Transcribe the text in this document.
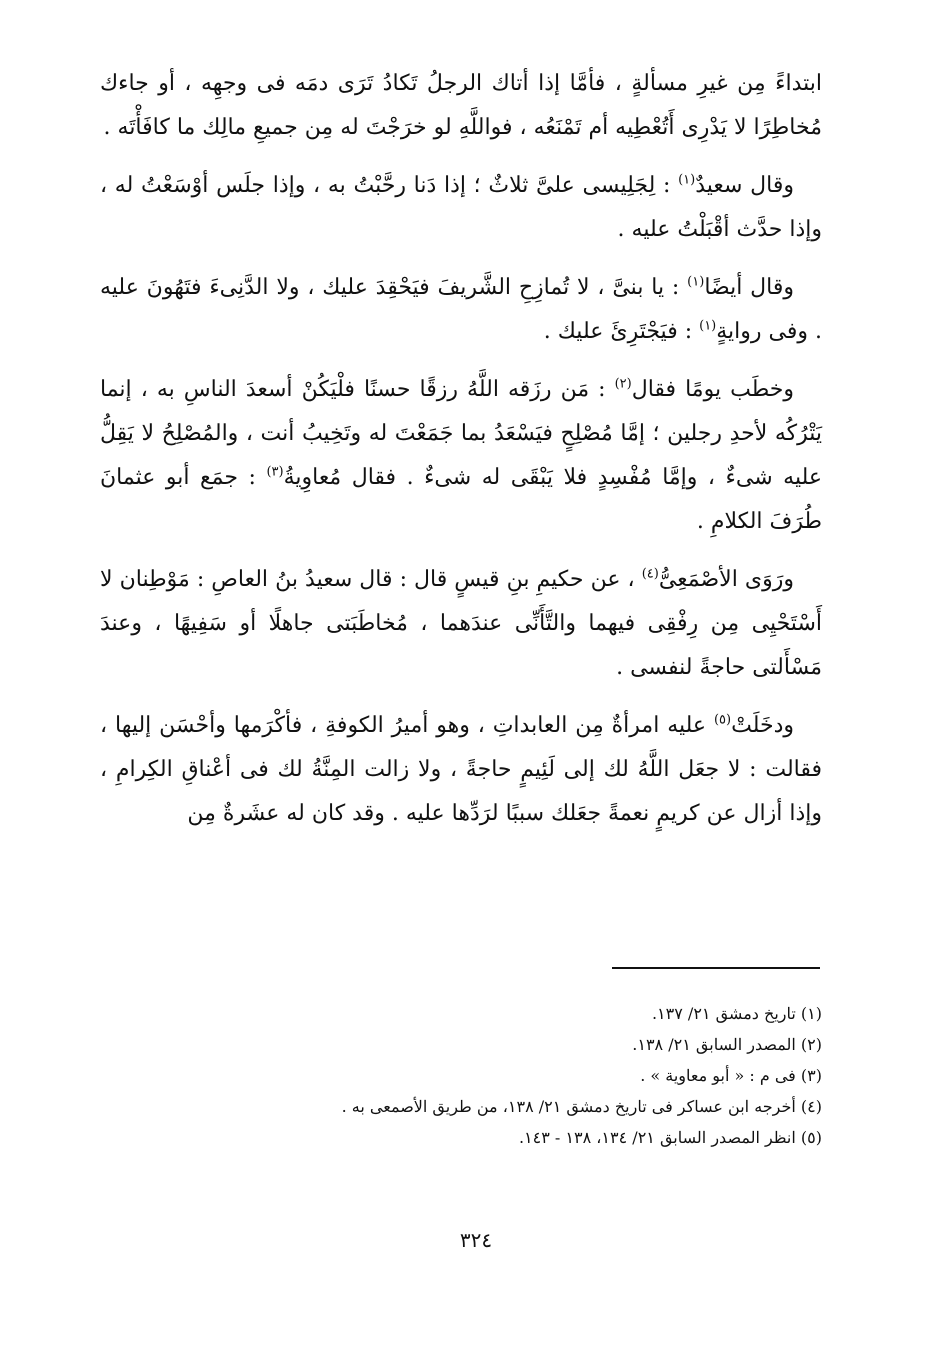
ابتداءً مِن غيرِ مسألةٍ ، فأمَّا إذا أتاك الرجلُ تَكادُ تَرَى دمَه فى وجهِه ، أو جاءك مُخاطِرًا لا يَدْرِى أَتُعْطِيه أم تَمْنَعُه ، فواللَّهِ لو خرَجْتَ له مِن جميعِ مالِك ما كافَأْتَه .

وقال سعيدٌ$^{(١)}$ : لِجَلِيسى علىَّ ثلاثٌ ؛ إذا دَنا رحَّبْتُ به ، وإذا جلَس أوْسَعْتُ له ، وإذا حدَّث أقْبَلْتُ عليه .

وقال أيضًا$^{(١)}$ : يا بنىَّ ، لا تُمازِحِ الشَّريفَ فيَحْقِدَ عليك ، ولا الدَّنِىءَ فتَهُونَ عليه . وفى روايةٍ$^{(١)}$ : فيَجْتَرِئَ عليك .

وخطَب يومًا فقال$^{(٢)}$ : مَن رزَقه اللَّهُ رزقًا حسنًا فلْيَكُنْ أسعدَ الناسِ به ، إنما يَتْرُكُه لأحدِ رجلين ؛ إمَّا مُصْلِحٍ فيَسْعَدُ بما جَمَعْتَ له وتَخِيبُ أنت ، والمُصْلِحُ لا يَقِلُّ عليه شىءٌ ، وإمَّا مُفْسِدٍ فلا يَبْقَى له شىءٌ . فقال مُعاوِيةُ$^{(٣)}$ : جمَع أبو عثمانَ طُرَفَ الكلامِ .

ورَوَى الأصْمَعِىُّ$^{(٤)}$ ، عن حكيمِ بنِ قيسٍ قال : قال سعيدُ بنُ العاصِ : مَوْطِنان لا أَسْتَحْيِى مِن رِفْقِى فيهما والتَّأَنِّى عندَهما ، مُخاطَبَتى جاهلًا أو سَفِيهًا ، وعندَ مَسْأَلتى حاجةً لنفسى .

ودخَلَتْ$^{(٥)}$ عليه امرأةٌ مِن العابداتِ ، وهو أميرُ الكوفةِ ، فأكْرَمها وأحْسَن إليها ، فقالت : لا جعَل اللَّهُ لك إلى لَئِيمٍ حاجةً ، ولا زالت المِنَّةُ لك فى أعْناقِ الكِرامِ ، وإذا أزال عن كريمٍ نعمةً جعَلك سببًا لرَدِّها عليه . وقد كان له عشَرةٌ مِن

(١) تاريخ دمشق ٢١/ ١٣٧.

(٢) المصدر السابق ٢١/ ١٣٨.

(٣) فى م : « أبو معاوية » .

(٤) أخرجه ابن عساكر فى تاريخ دمشق ٢١/ ١٣٨، من طريق الأصمعى به .

(٥) انظر المصدر السابق ٢١/ ١٣٤، ١٣٨ - ١٤٣.

٣٢٤
